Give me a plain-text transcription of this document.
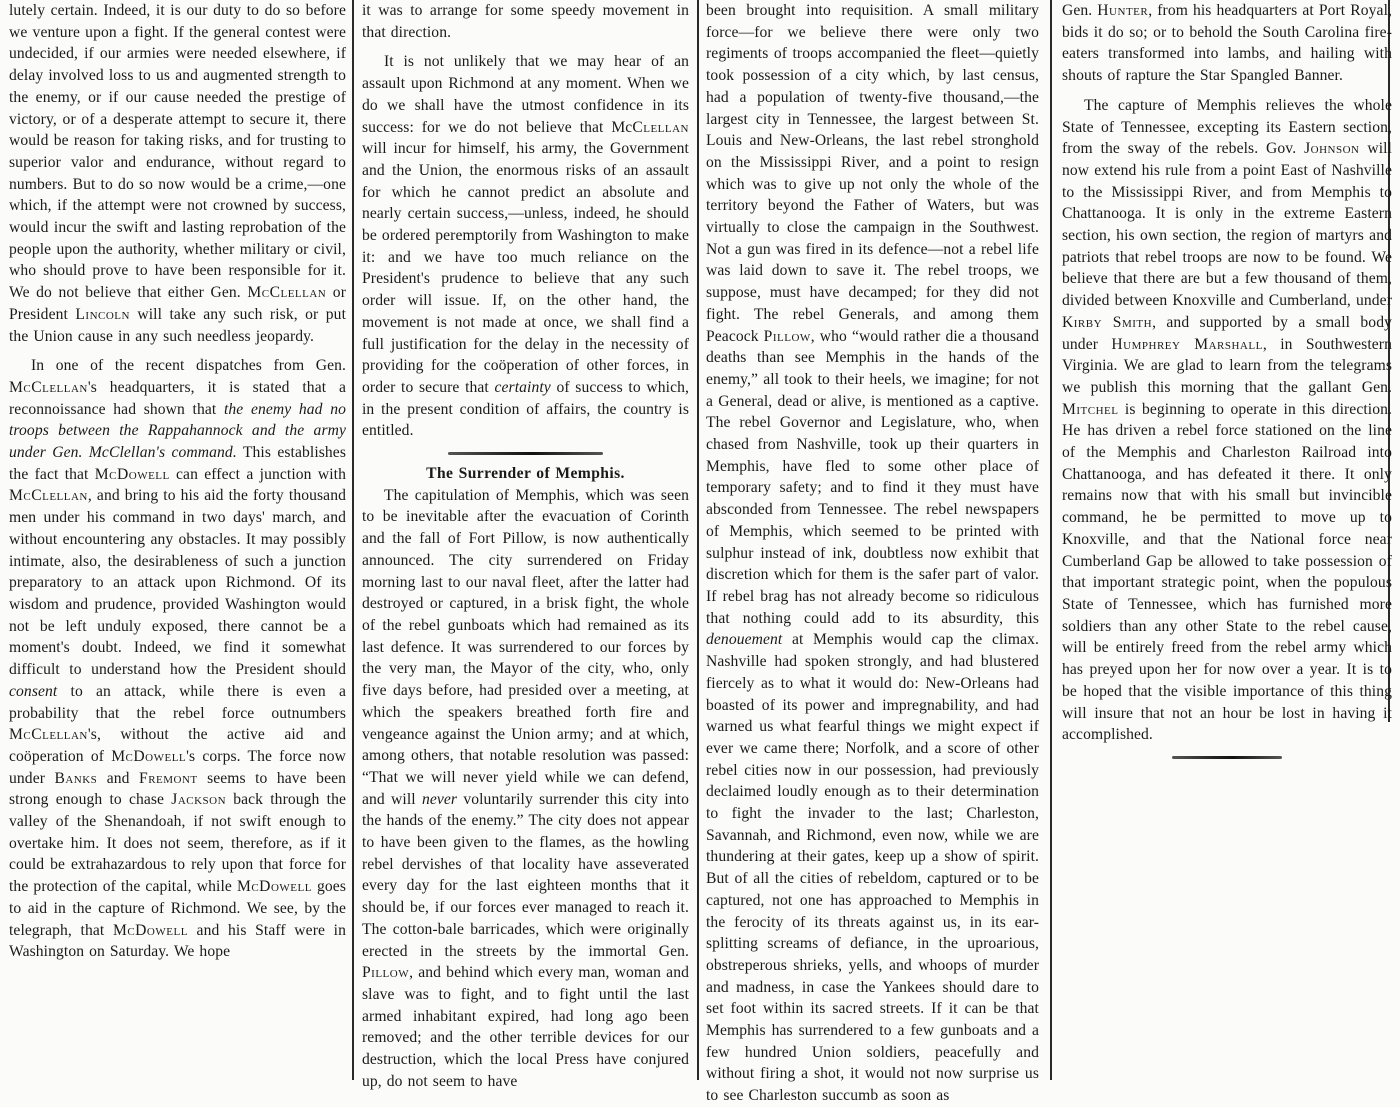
lutely certain. Indeed, it is our duty to do so before we venture upon a fight. If the general contest were undecided, if our armies were needed elsewhere, if delay involved loss to us and augmented strength to the enemy, or if our cause needed the prestige of victory, or of a desperate attempt to secure it, there would be reason for taking risks, and for trusting to superior valor and endurance, without regard to numbers. But to do so now would be a crime,—one which, if the attempt were not crowned by success, would incur the swift and lasting reprobation of the people upon the authority, whether military or civil, who should prove to have been responsible for it. We do not believe that either Gen. McClellan or President Lincoln will take any such risk, or put the Union cause in any such needless jeopardy.

In one of the recent dispatches from Gen. McClellan's headquarters, it is stated that a reconnoissance had shown that the enemy had no troops between the Rappahannock and the army under Gen. McClellan's command. This establishes the fact that McDowell can effect a junction with McClellan, and bring to his aid the forty thousand men under his command in two days' march, and without encountering any obstacles. It may possibly intimate, also, the desirableness of such a junction preparatory to an attack upon Richmond. Of its wisdom and prudence, provided Washington would not be left unduly exposed, there cannot be a moment's doubt. Indeed, we find it somewhat difficult to understand how the President should consent to an attack, while there is even a probability that the rebel force outnumbers McClellan's, without the active aid and coöperation of McDowell's corps. The force now under Banks and Fremont seems to have been strong enough to chase Jackson back through the valley of the Shenandoah, if not swift enough to overtake him. It does not seem, therefore, as if it could be extrahazardous to rely upon that force for the protection of the capital, while McDowell goes to aid in the capture of Richmond. We see, by the telegraph, that McDowell and his Staff were in Washington on Saturday. We hope

it was to arrange for some speedy movement in that direction.

It is not unlikely that we may hear of an assault upon Richmond at any moment. When we do we shall have the utmost confidence in its success: for we do not believe that McClellan will incur for himself, his army, the Government and the Union, the enormous risks of an assault for which he cannot predict an absolute and nearly certain success,—unless, indeed, he should be ordered peremptorily from Washington to make it: and we have too much reliance on the President's prudence to believe that any such order will issue. If, on the other hand, the movement is not made at once, we shall find a full justification for the delay in the necessity of providing for the coöperation of other forces, in order to secure that certainty of success to which, in the present condition of affairs, the country is entitled.

The Surrender of Memphis.

The capitulation of Memphis, which was seen to be inevitable after the evacuation of Corinth and the fall of Fort Pillow, is now authentically announced. The city surrendered on Friday morning last to our naval fleet, after the latter had destroyed or captured, in a brisk fight, the whole of the rebel gunboats which had remained as its last defence. It was surrendered to our forces by the very man, the Mayor of the city, who, only five days before, had presided over a meeting, at which the speakers breathed forth fire and vengeance against the Union army; and at which, among others, that notable resolution was passed: “That we will never yield while we can defend, and will never voluntarily surrender this city into the hands of the enemy.” The city does not appear to have been given to the flames, as the howling rebel dervishes of that locality have asseverated every day for the last eighteen months that it should be, if our forces ever managed to reach it. The cotton-bale barricades, which were originally erected in the streets by the immortal Gen. Pillow, and behind which every man, woman and slave was to fight, and to fight until the last armed inhabitant expired, had long ago been removed; and the other terrible devices for our destruction, which the local Press have conjured up, do not seem to have

been brought into requisition. A small military force—for we believe there were only two regiments of troops accompanied the fleet—quietly took possession of a city which, by last census, had a population of twenty-five thousand,—the largest city in Tennessee, the largest between St. Louis and New-Orleans, the last rebel stronghold on the Mississippi River, and a point to resign which was to give up not only the whole of the territory beyond the Father of Waters, but was virtually to close the campaign in the Southwest. Not a gun was fired in its defence—not a rebel life was laid down to save it. The rebel troops, we suppose, must have decamped; for they did not fight. The rebel Generals, and among them Peacock Pillow, who “would rather die a thousand deaths than see Memphis in the hands of the enemy,” all took to their heels, we imagine; for not a General, dead or alive, is mentioned as a captive. The rebel Governor and Legislature, who, when chased from Nashville, took up their quarters in Memphis, have fled to some other place of temporary safety; and to find it they must have absconded from Tennessee. The rebel newspapers of Memphis, which seemed to be printed with sulphur instead of ink, doubtless now exhibit that discretion which for them is the safer part of valor. If rebel brag has not already become so ridiculous that nothing could add to its absurdity, this denouement at Memphis would cap the climax. Nashville had spoken strongly, and had blustered fiercely as to what it would do: New-Orleans had boasted of its power and impregnability, and had warned us what fearful things we might expect if ever we came there; Norfolk, and a score of other rebel cities now in our possession, had previously declaimed loudly enough as to their determination to fight the invader to the last; Charleston, Savannah, and Richmond, even now, while we are thundering at their gates, keep up a show of spirit. But of all the cities of rebeldom, captured or to be captured, not one has approached to Memphis in the ferocity of its threats against us, in its ear-splitting screams of defiance, in the uproarious, obstreperous shrieks, yells, and whoops of murder and madness, in case the Yankees should dare to set foot within its sacred streets. If it can be that Memphis has surrendered to a few gunboats and a few hundred Union soldiers, peacefully and without firing a shot, it would not now surprise us to see Charleston succumb as soon as

Gen. Hunter, from his headquarters at Port Royal, bids it do so; or to behold the South Carolina fire-eaters transformed into lambs, and hailing with shouts of rapture the Star Spangled Banner.

The capture of Memphis relieves the whole State of Tennessee, excepting its Eastern section, from the sway of the rebels. Gov. Johnson will now extend his rule from a point East of Nashville to the Mississippi River, and from Memphis to Chattanooga. It is only in the extreme Eastern section, his own section, the region of martyrs and patriots that rebel troops are now to be found. We believe that there are but a few thousand of them, divided between Knoxville and Cumberland, under Kirby Smith, and supported by a small body under Humphrey Marshall, in Southwestern Virginia. We are glad to learn from the telegrams we publish this morning that the gallant Gen. Mitchel is beginning to operate in this direction. He has driven a rebel force stationed on the line of the Memphis and Charleston Railroad into Chattanooga, and has defeated it there. It only remains now that with his small but invincible command, he be permitted to move up to Knoxville, and that the National force near Cumberland Gap be allowed to take possession of that important strategic point, when the populous State of Tennessee, which has furnished more soldiers than any other State to the rebel cause, will be entirely freed from the rebel army which has preyed upon her for now over a year. It is to be hoped that the visible importance of this thing will insure that not an hour be lost in having it accomplished.
